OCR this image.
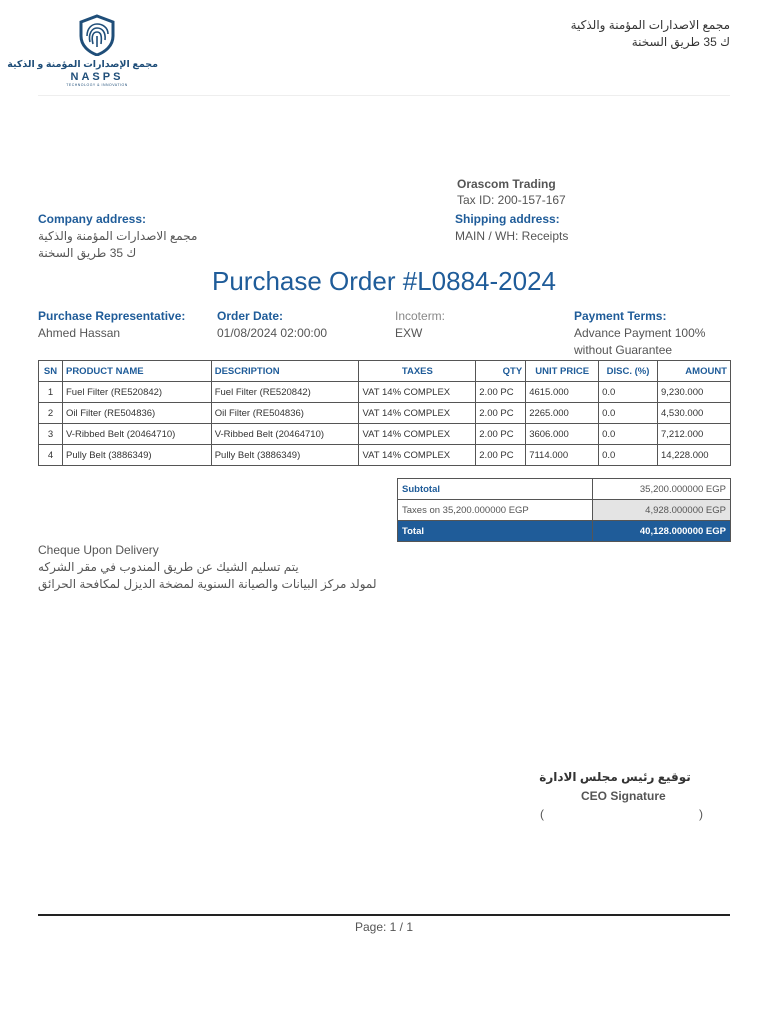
مجمع الإصدارات المؤمنة و الذكية
NASPS
TECHNOLOGY & INNOVATION
مجمع الاصدارات المؤمنة والذكية
ك 35 طريق السخنة
Orascom Trading
Tax ID: 200-157-167
Company address:
مجمع الاصدارات المؤمنة والذكية
ك 35 طريق السخنة
Shipping address:
MAIN / WH: Receipts
Purchase Order #L0884-2024
Purchase Representative:
Ahmed Hassan
Order Date:
01/08/2024 02:00:00
Incoterm:
EXW
Payment Terms:
Advance Payment 100%
without Guarantee
SN	PRODUCT NAME	DESCRIPTION	TAXES	QTY	UNIT PRICE	DISC. (%)	AMOUNT
1	Fuel Filter (RE520842)	Fuel Filter (RE520842)	VAT 14% COMPLEX	2.00 PC	4615.000	0.0	9,230.000
2	Oil Filter (RE504836)	Oil Filter (RE504836)	VAT 14% COMPLEX	2.00 PC	2265.000	0.0	4,530.000
3	V-Ribbed Belt (20464710)	V-Ribbed Belt (20464710)	VAT 14% COMPLEX	2.00 PC	3606.000	0.0	7,212.000
4	Pully Belt (3886349)	Pully Belt (3886349)	VAT 14% COMPLEX	2.00 PC	7114.000	0.0	14,228.000
Subtotal	35,200.000000 EGP
Taxes on 35,200.000000 EGP	4,928.000000 EGP
Total	40,128.000000 EGP
Cheque Upon Delivery
يتم تسليم الشيك عن طريق المندوب في مقر الشركه
لمولد مركز البيانات والصيانة السنوية لمضخة الديزل لمكافحة الحرائق
توقيع رئيس مجلس الادارة
CEO Signature
(	)
Page: 1 / 1
